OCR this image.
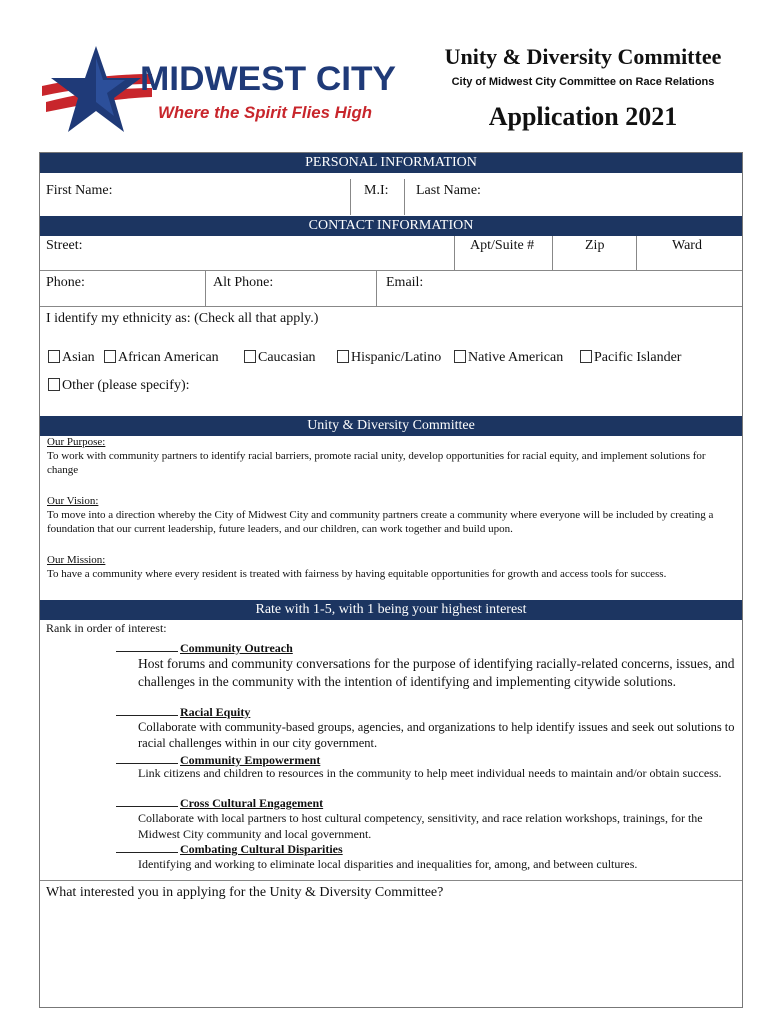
MIDWEST CITY
Where the Spirit Flies High
Unity & Diversity Committee
City of Midwest City Committee on Race Relations
Application 2021
PERSONAL INFORMATION
First Name:	M.I: Last Name:
CONTACT INFORMATION
Street:	Apt/Suite #	Zip	Ward
Phone:	Alt Phone:	Email:
I identify my ethnicity as: (Check all that apply.)
Asian	African American	Caucasian	Hispanic/Latino	Native American	Pacific Islander
Other (please specify):
Unity & Diversity Committee
Our Purpose:
To work with community partners to identify racial barriers, promote racial unity, develop opportunities for racial equity, and implement solutions for change
Our Vision:
To move into a direction whereby the City of Midwest City and community partners create a community where everyone will be included by creating a foundation that our current leadership, future leaders, and our children, can work together and build upon.
Our Mission:
To have a community where every resident is treated with fairness by having equitable opportunities for growth and access tools for success.
Rate with 1-5, with 1 being your highest interest
Rank in order of interest:
Community Outreach
Host forums and community conversations for the purpose of identifying racially-related concerns, issues, and challenges in the community with the intention of identifying and implementing citywide solutions.
Racial Equity
Collaborate with community-based groups, agencies, and organizations to help identify issues and seek out solutions to racial challenges within in our city government.
Community Empowerment
Link citizens and children to resources in the community to help meet individual needs to maintain and/or obtain success.
Cross Cultural Engagement
Collaborate with local partners to host cultural competency, sensitivity, and race relation workshops, trainings, for the Midwest City community and local government.
Combating Cultural Disparities
Identifying and working to eliminate local disparities and inequalities for, among, and between cultures.
What interested you in applying for the Unity & Diversity Committee?
